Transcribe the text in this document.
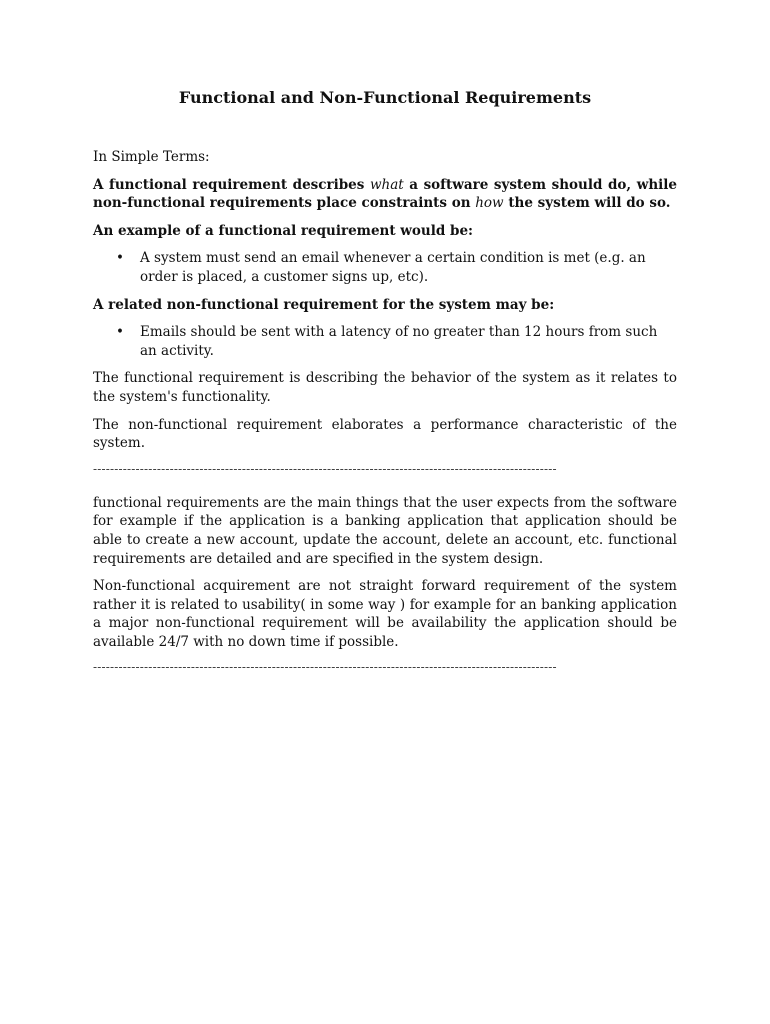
Functional and Non-Functional Requirements

In Simple Terms:

A functional requirement describes what a software system should do, while non-functional requirements place constraints on how the system will do so.

An example of a functional requirement would be:

• A system must send an email whenever a certain condition is met (e.g. an order is placed, a customer signs up, etc).

A related non-functional requirement for the system may be:

• Emails should be sent with a latency of no greater than 12 hours from such an activity.

The functional requirement is describing the behavior of the system as it relates to the system's functionality.

The non-functional requirement elaborates a performance characteristic of the system.

-------------------------------------------------------------------------------------------------------------

functional requirements are the main things that the user expects from the software for example if the application is a banking application that application should be able to create a new account, update the account, delete an account, etc. functional requirements are detailed and are specified in the system design.

Non-functional acquirement are not straight forward requirement of the system rather it is related to usability( in some way ) for example for an banking application a major non-functional requirement will be availability the application should be available 24/7 with no down time if possible.

-------------------------------------------------------------------------------------------------------------
